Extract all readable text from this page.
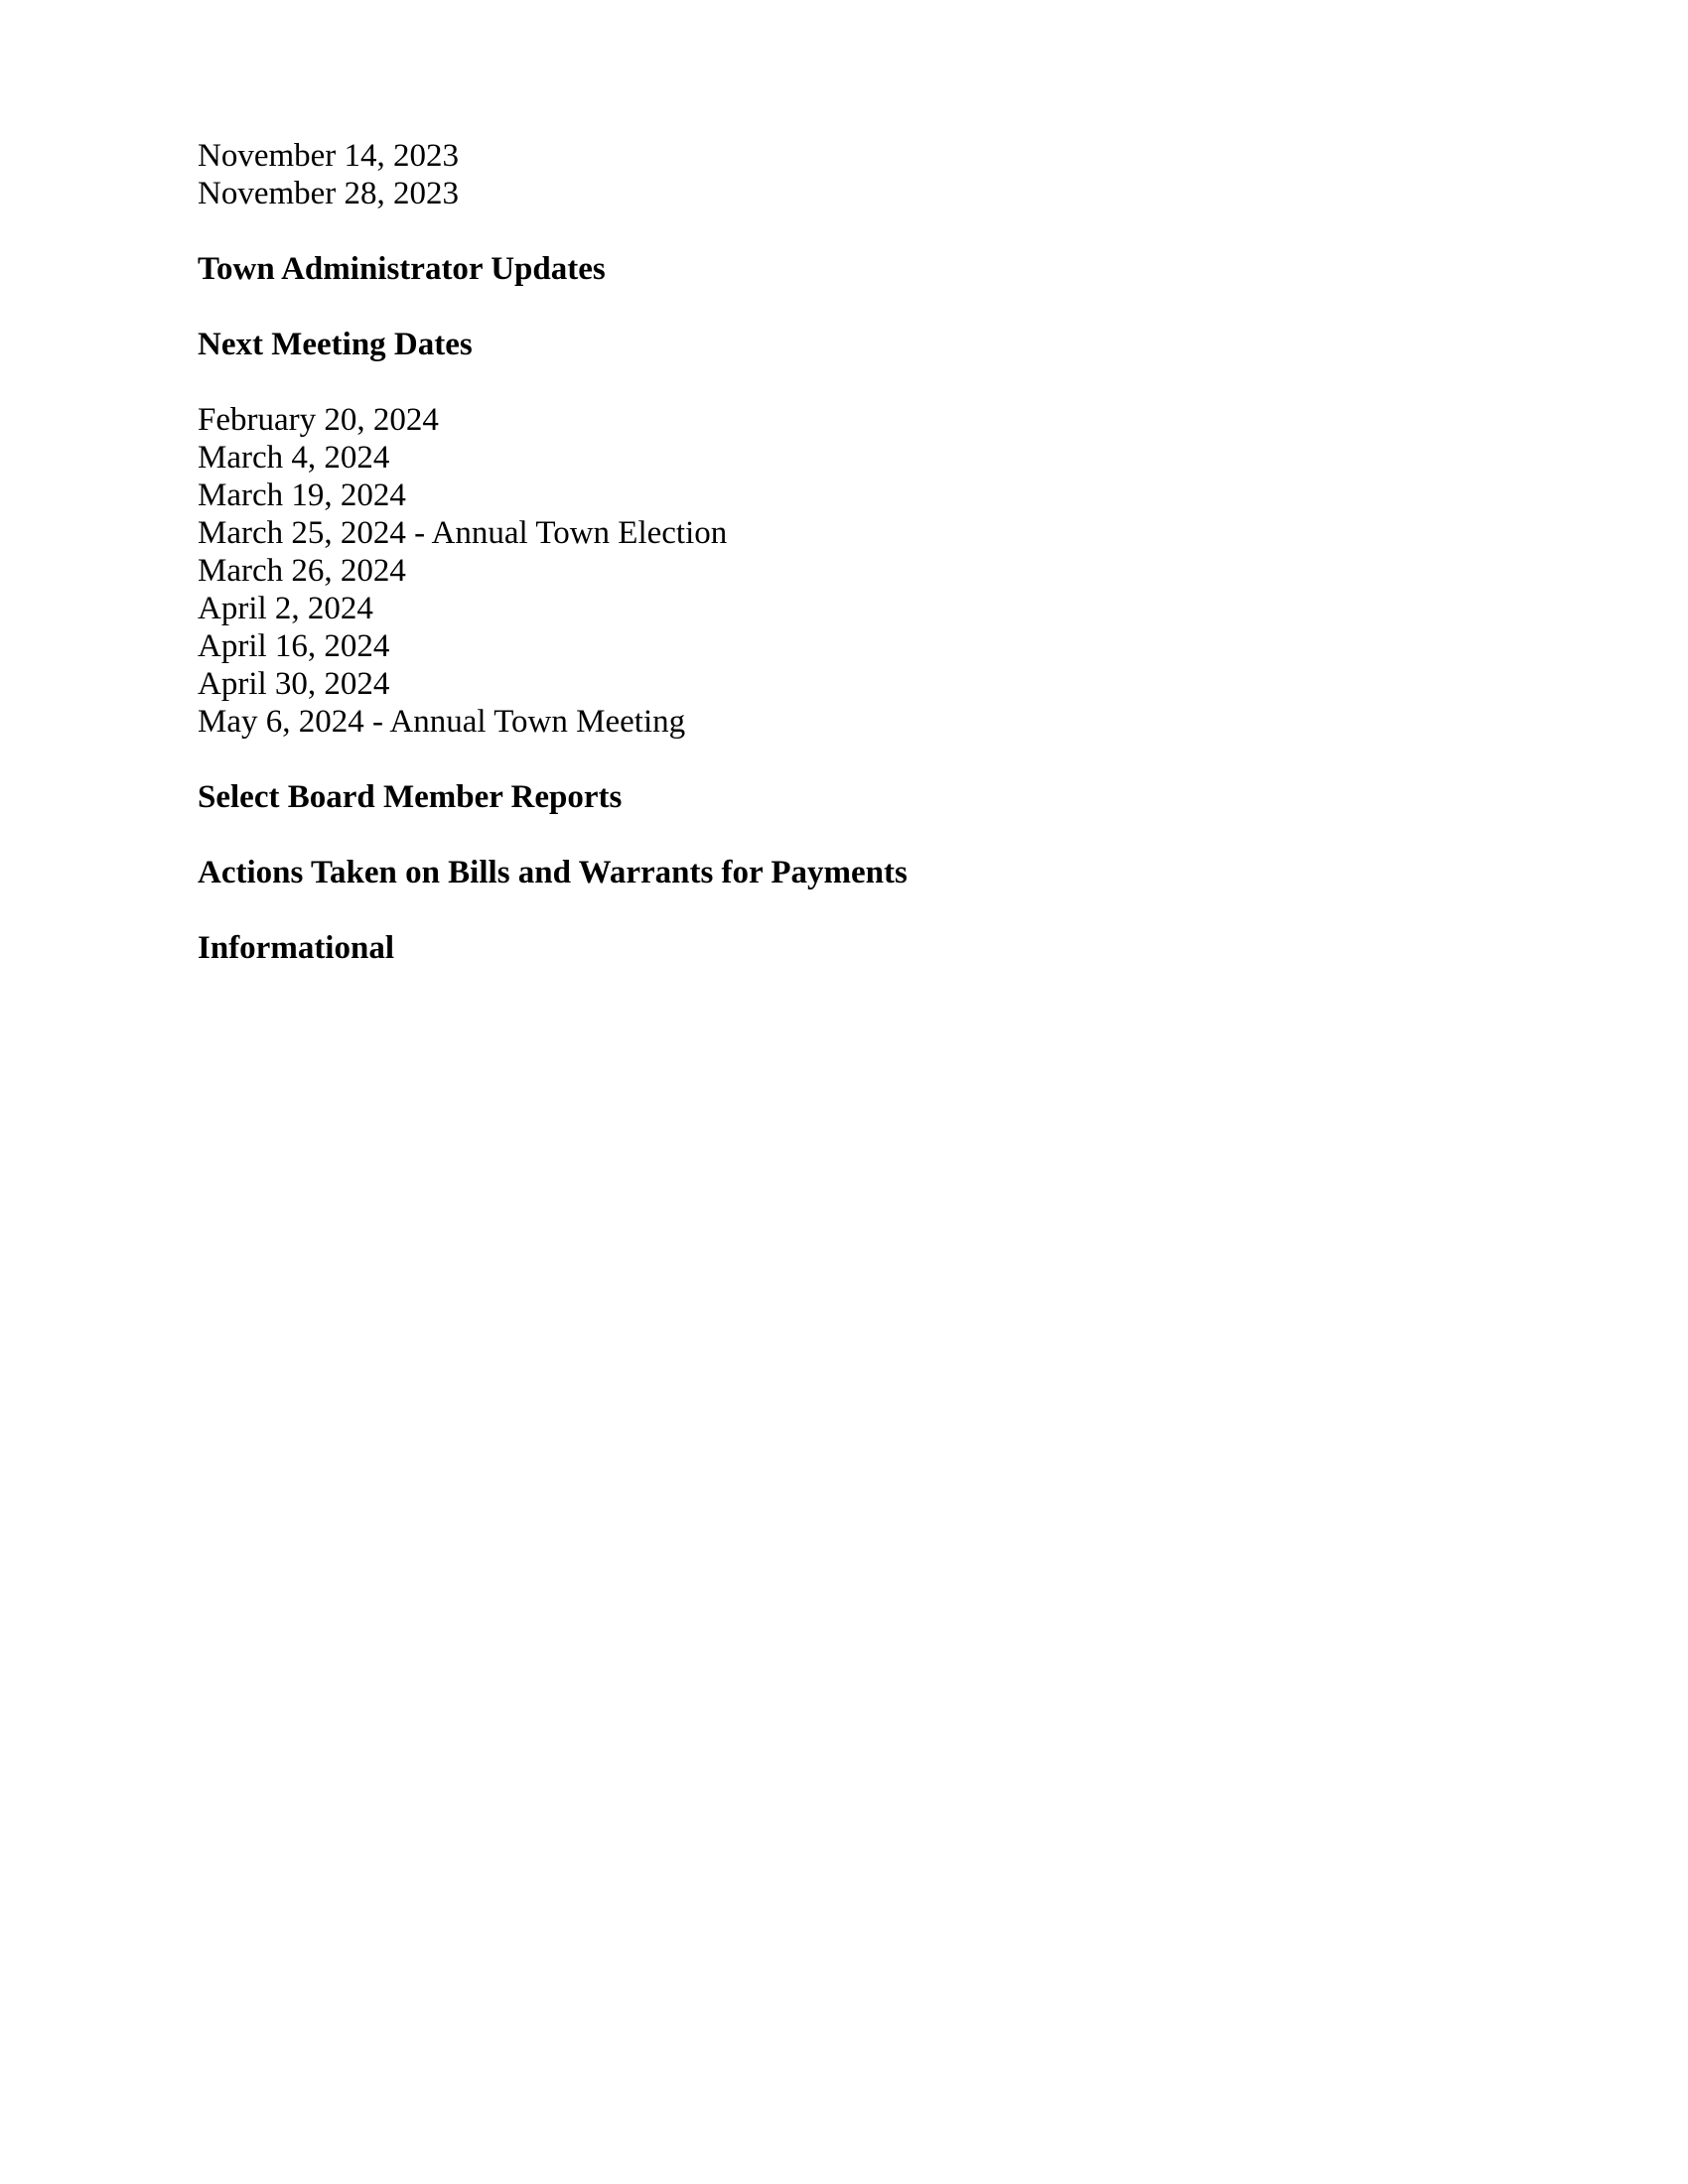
November 14, 2023

November 28, 2023

Town Administrator Updates

Next Meeting Dates

February 20, 2024

March 4, 2024

March 19, 2024

March 25, 2024 - Annual Town Election

March 26, 2024

April 2, 2024

April 16, 2024

April 30, 2024

May 6, 2024 - Annual Town Meeting

Select Board Member Reports

Actions Taken on Bills and Warrants for Payments

Informational
